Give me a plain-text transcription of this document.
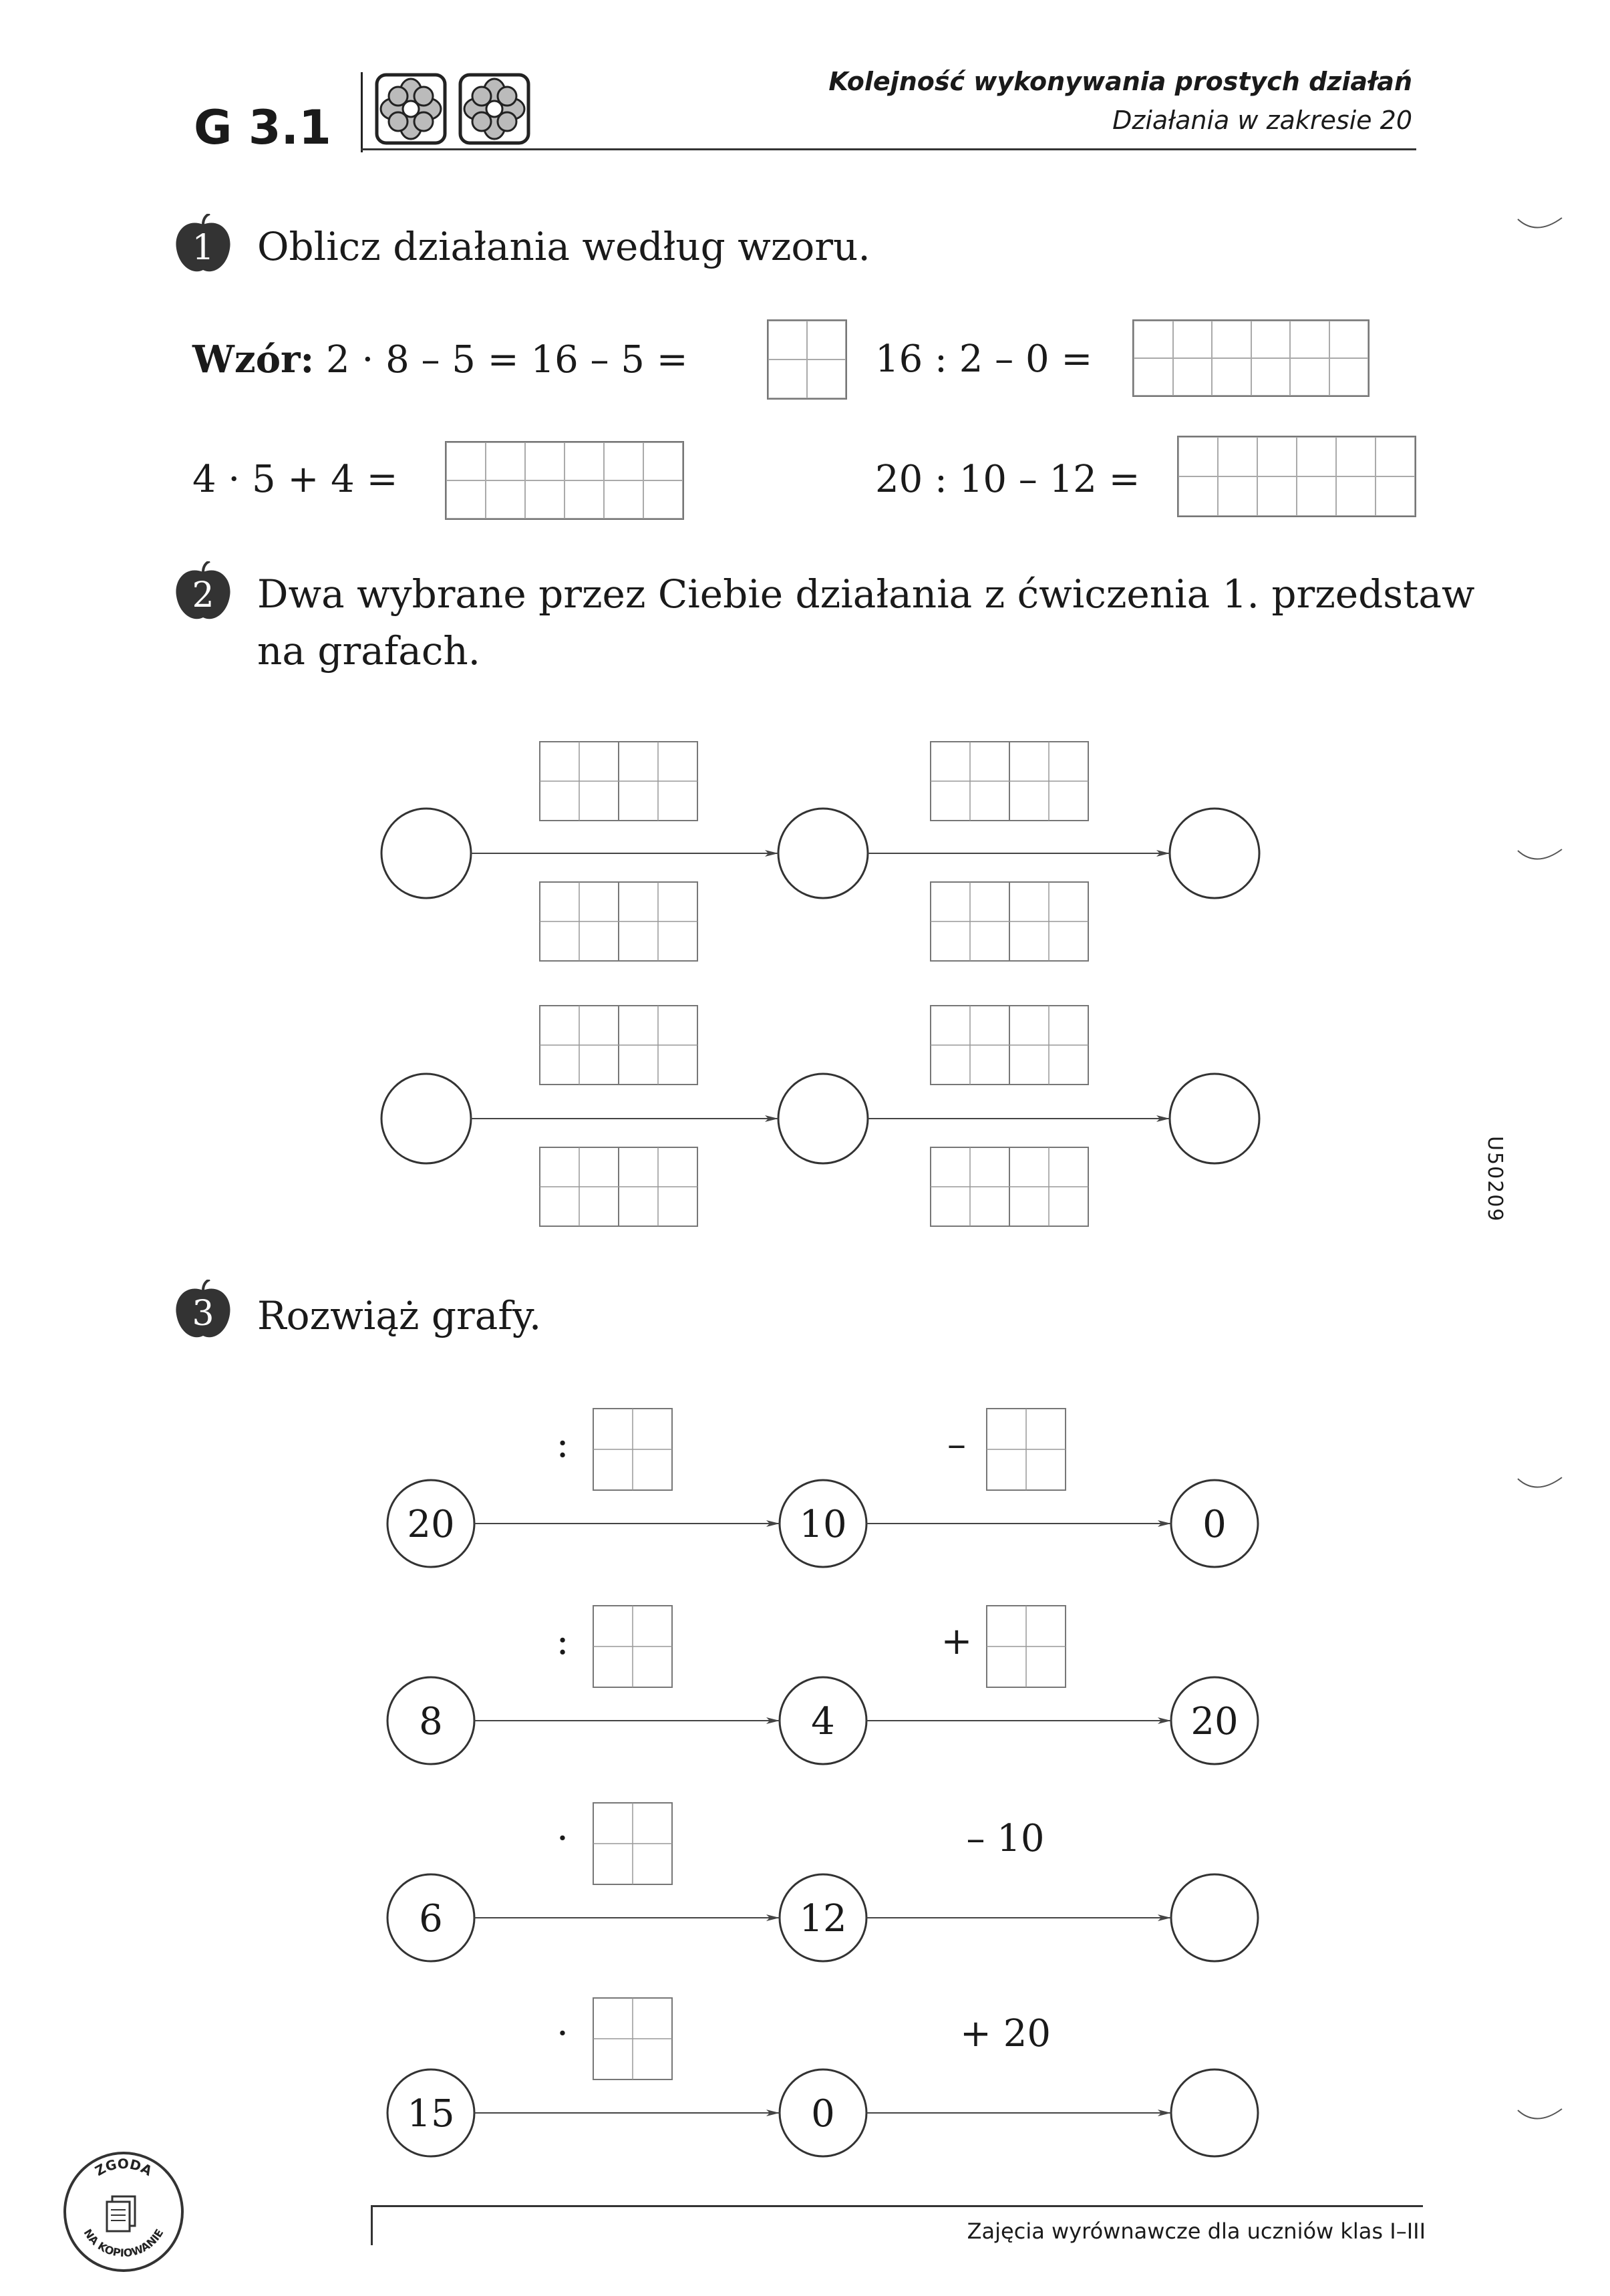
G 3.1
Kolejność wykonywania prostych działań
Działania w zakresie 20
1 Oblicz działania według wzoru.
Wzór: 2 · 8 – 5 = 16 – 5 =	16 : 2 – 0 =
4 · 5 + 4 =	20 : 10 – 12 =
2 Dwa wybrane przez Ciebie działania z ćwiczenia 1. przedstaw
na grafach.
3 Rozwiąż grafy.
20	10	0
:	–
8	4	20
:	+
6	12
·	– 10
15	0
·	+ 20
Zajęcia wyrównawcze dla uczniów klas I–III
U50209
ZGODA
NA KOPIOWANIE
